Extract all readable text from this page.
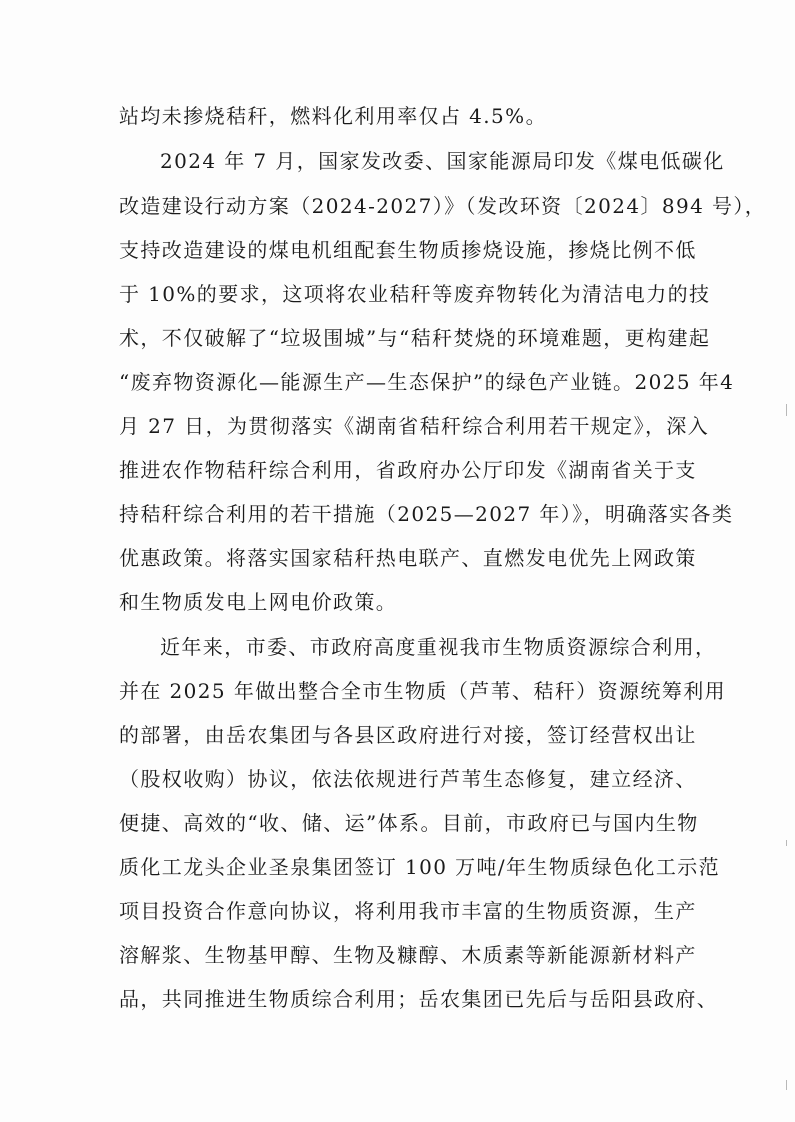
站均未掺烧秸秆，燃料化利用率仅占 4.5%。
2024 年 7 月，国家发改委、国家能源局印发《煤电低碳化
改造建设行动方案（2024-2027）》（发改环资〔2024〕894 号），
支持改造建设的煤电机组配套生物质掺烧设施，掺烧比例不低
于 10%的要求，这项将农业秸秆等废弃物转化为清洁电力的技
术，不仅破解了“垃圾围城”与“秸秆焚烧的环境难题，更构建起
“废弃物资源化—能源生产—生态保护”的绿色产业链。2025 年4
月 27 日，为贯彻落实《湖南省秸秆综合利用若干规定》，深入
推进农作物秸秆综合利用，省政府办公厅印发《湖南省关于支
持秸秆综合利用的若干措施（2025—2027 年）》，明确落实各类
优惠政策。将落实国家秸秆热电联产、直燃发电优先上网政策
和生物质发电上网电价政策。
近年来，市委、市政府高度重视我市生物质资源综合利用，
并在 2025 年做出整合全市生物质（芦苇、秸秆）资源统筹利用
的部署，由岳农集团与各县区政府进行对接，签订经营权出让
（股权收购）协议，依法依规进行芦苇生态修复，建立经济、
便捷、高效的“收、储、运”体系。目前，市政府已与国内生物
质化工龙头企业圣泉集团签订 100 万吨/年生物质绿色化工示范
项目投资合作意向协议，将利用我市丰富的生物质资源，生产
溶解浆、生物基甲醇、生物及糠醇、木质素等新能源新材料产
品，共同推进生物质综合利用；岳农集团已先后与岳阳县政府、
